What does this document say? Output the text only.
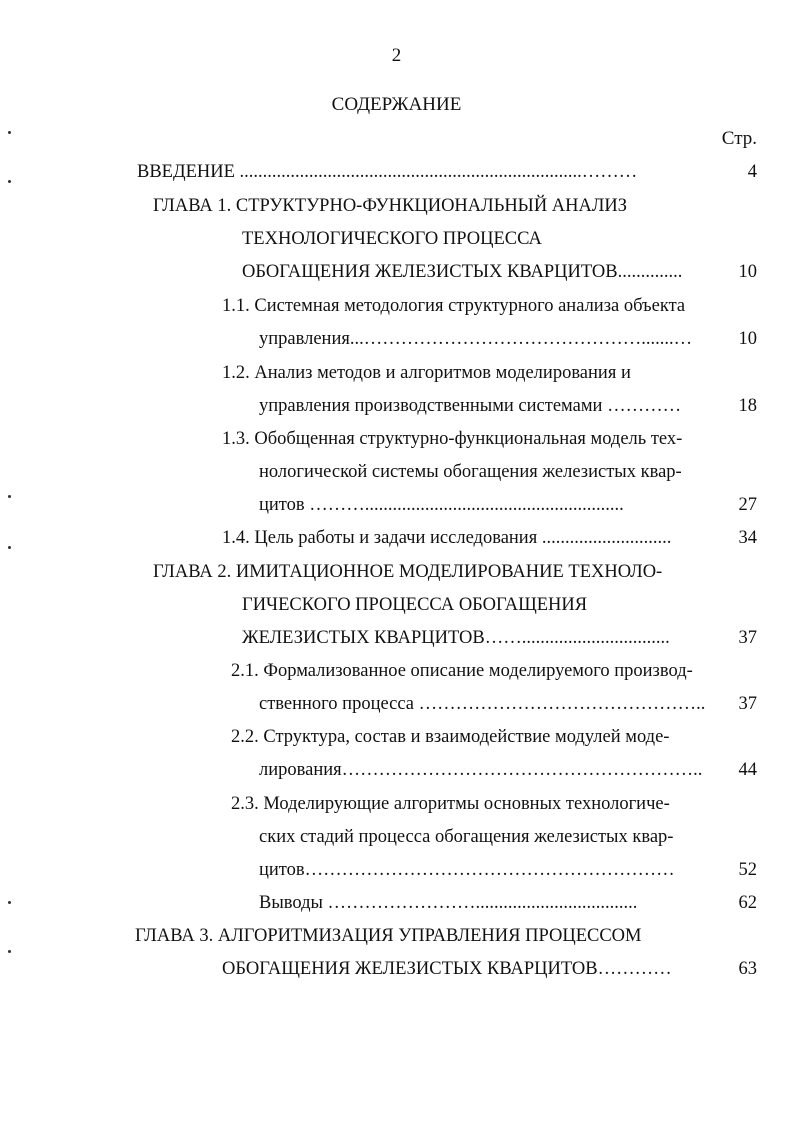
2
СОДЕРЖАНИЕ
Стр.
ВВЕДЕНИЕ ..........................................................................………	4
ГЛАВА 1. СТРУКТУРНО-ФУНКЦИОНАЛЬНЫЙ АНАЛИЗ
ТЕХНОЛОГИЧЕСКОГО ПРОЦЕССА
ОБОГАЩЕНИЯ ЖЕЛЕЗИСТЫХ КВАРЦИТОВ..............	10
1.1. Системная методология структурного анализа объекта
управления...……………………………………….......…	10
1.2. Анализ методов и алгоритмов моделирования и
управления производственными системами …………	18
1.3. Обобщенная структурно-функциональная модель тех-
нологической системы обогащения железистых квар-
цитов ………........................................................	27
1.4. Цель работы и задачи исследования ............................	34
ГЛАВА 2. ИМИТАЦИОННОЕ МОДЕЛИРОВАНИЕ ТЕХНОЛО-
ГИЧЕСКОГО ПРОЦЕССА ОБОГАЩЕНИЯ
ЖЕЛЕЗИСТЫХ КВАРЦИТОВ……................................	37
2.1. Формализованное описание моделируемого производ-
ственного процесса ……………………………………….. 37
2.2. Структура, состав и взаимодействие модулей моде-
лирования………………………………………………….. 44
2.3. Моделирующие алгоритмы основных технологиче-
ских стадий процесса обогащения железистых квар-
цитов……………………………………………………	52
Выводы ……………………...................................	62
ГЛАВА 3. АЛГОРИТМИЗАЦИЯ УПРАВЛЕНИЯ ПРОЦЕССОМ
ОБОГАЩЕНИЯ ЖЕЛЕЗИСТЫХ КВАРЦИТОВ…………	63
